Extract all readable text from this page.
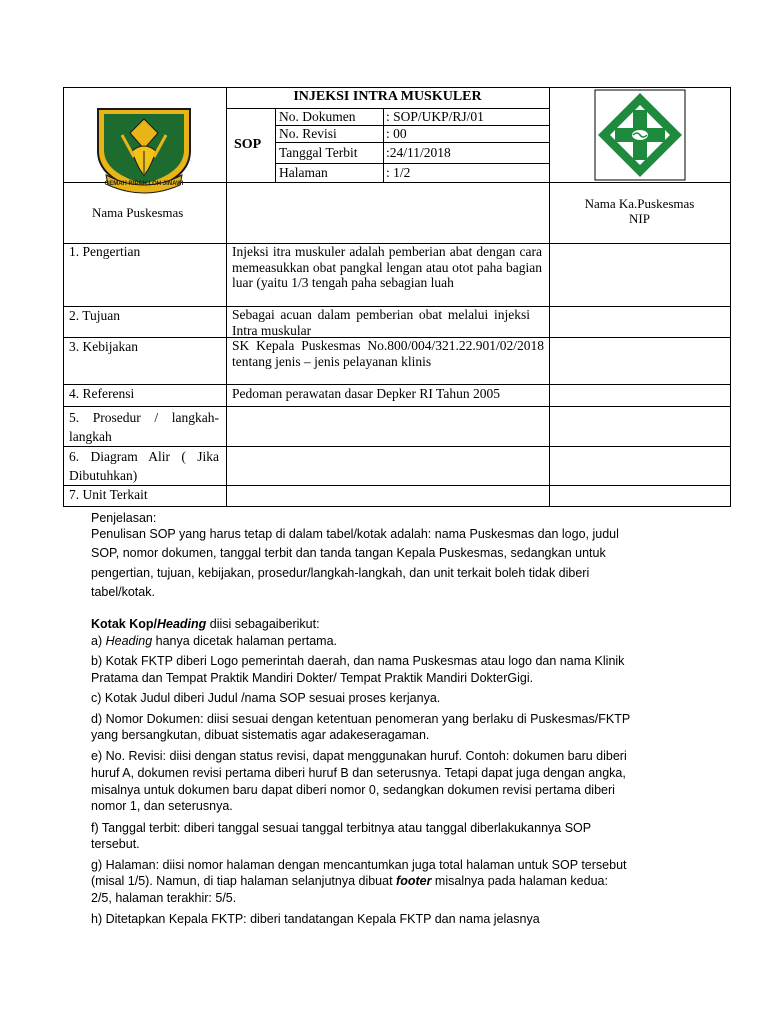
GEMAH RIPAH LOH JINAWI
Nama Puskesmas
INJEKSI INTRA MUSKULER
SOP
No. Dokumen : SOP/UKP/RJ/01
No. Revisi	: 00
Tanggal Terbit :24/11/2018
Halaman	: 1/2
Nama Ka.Puskesmas
NIP
1. Pengertian
2. Tujuan
3. Kebijakan
4. Referensi
5. Prosedur / langkah-langkah
6. Diagram Alir ( Jika Dibutuhkan)
7. Unit Terkait
Injeksi itra muskuler adalah pemberian abat dengan cara memeasukkan obat pangkal lengan atau otot paha bagian luar (yaitu 1/3 tengah paha sebagian luah
Sebagai acuan dalam pemberian obat melalui injeksi Intra muskular
SK Kepala Puskesmas No.800/004/321.22.901/02/2018 tentang jenis – jenis pelayanan klinis
Pedoman perawatan dasar Depker RI Tahun 2005
Penjelasan:
Penulisan SOP yang harus tetap di dalam tabel/kotak adalah: nama Puskesmas dan logo, judul
SOP, nomor dokumen, tanggal terbit dan tanda tangan Kepala Puskesmas, sedangkan untuk
pengertian, tujuan, kebijakan, prosedur/langkah-langkah, dan unit terkait boleh tidak diberi
tabel/kotak.
Kotak Kop/Heading diisi sebagaiberikut:
a) Heading hanya dicetak halaman pertama.
b) Kotak FKTP diberi Logo pemerintah daerah, dan nama Puskesmas atau logo dan nama Klinik
Pratama dan Tempat Praktik Mandiri Dokter/ Tempat Praktik Mandiri DokterGigi.
c) Kotak Judul diberi Judul /nama SOP sesuai proses kerjanya.
d) Nomor Dokumen: diisi sesuai dengan ketentuan penomeran yang berlaku di Puskesmas/FKTP
yang bersangkutan, dibuat sistematis agar adakeseragaman.
e) No. Revisi: diisi dengan status revisi, dapat menggunakan huruf. Contoh: dokumen baru diberi
huruf A, dokumen revisi pertama diberi huruf B dan seterusnya. Tetapi dapat juga dengan angka,
misalnya untuk dokumen baru dapat diberi nomor 0, sedangkan dokumen revisi pertama diberi
nomor 1, dan seterusnya.
f) Tanggal terbit: diberi tanggal sesuai tanggal terbitnya atau tanggal diberlakukannya SOP
tersebut.
g) Halaman: diisi nomor halaman dengan mencantumkan juga total halaman untuk SOP tersebut
(misal 1/5). Namun, di tiap halaman selanjutnya dibuat footer misalnya pada halaman kedua:
2/5, halaman terakhir: 5/5.
h) Ditetapkan Kepala FKTP: diberi tandatangan Kepala FKTP dan nama jelasnya
